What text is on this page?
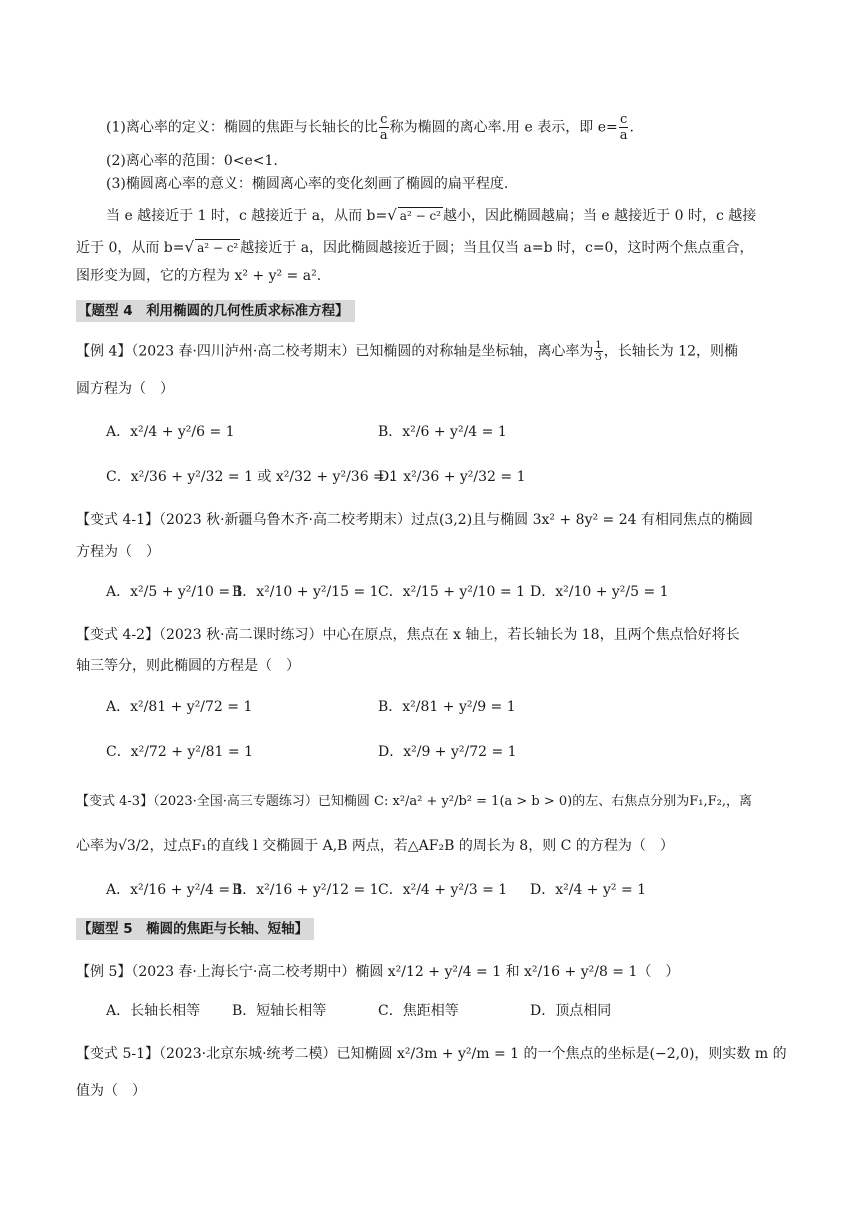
(1)离心率的定义：椭圆的焦距与长轴长的比 $\frac{c}{a}$ 称为椭圆的离心率.用 e 表示，即 $e= \frac{c}{a}$ .
(2)离心率的范围：0<e<1.
(3)椭圆离心率的意义：椭圆离心率的变化刻画了椭圆的扁平程度.
当 e 越接近于 1 时，c 越接近于 a，从而 b=√ a² − c² 越小，因此椭圆越扁；当 e 越接近于 0 时，c 越接
近于 0，从而 b=√ a² − c² 越接近于 a，因此椭圆越接近于圆；当且仅当 a=b 时，c=0，这时两个焦点重合，
图形变为圆，它的方程为 x² + y² = a².
【题型 4　利用椭圆的几何性质求标准方程】
【例 4】（2023 春·四川泸州·高二校考期末）已知椭圆的对称轴是坐标轴，离心率为 $\frac{1}{3}$ ，长轴长为 12，则椭
圆方程为（　）
A．x²/4 + y²/6 = 1	B．x²/6 + y²/4 = 1
C．x²/36 + y²/32 = 1 或 x²/32 + y²/36 = 1
D．x²/36 + y²/32 = 1
【变式 4-1】（2023 秋·新疆乌鲁木齐·高二校考期末）过点(3,2)且与椭圆 3x² + 8y² = 24 有相同焦点的椭圆
方程为（　）
A．x²/5 + y²/10 = 1
B．x²/10 + y²/15 = 1 C．x²/15 + y²/10 = 1 D．x²/10 + y²/5 = 1
【变式 4-2】（2023 秋·高二课时练习）中心在原点，焦点在 x 轴上，若长轴长为 18，且两个焦点恰好将长
轴三等分，则此椭圆的方程是（　）
A．x²/81 + y²/72 = 1	B．x²/81 + y²/9 = 1
C．x²/72 + y²/81 = 1	D．x²/9 + y²/72 = 1
【变式 4-3】（2023·全国·高三专题练习）已知椭圆 C: x²/a² + y²/b² = 1(a > b > 0)的左、右焦点分别为F₁,F₂,，离
心率为√3/2，过点F₁的直线 l 交椭圆于 A,B 两点，若△AF₂B 的周长为 8，则 C 的方程为（　）
A．x²/16 + y²/4 = 1
B．x²/16 + y²/12 = 1 C．x²/4 + y²/3 = 1 D．x²/4 + y² = 1
【题型 5　椭圆的焦距与长轴、短轴】
【例 5】（2023 春·上海长宁·高二校考期中）椭圆 x²/12 + y²/4 = 1 和 x²/16 + y²/8 = 1（　）
A．长轴长相等 B．短轴长相等	C．焦距相等	D．顶点相同
【变式 5-1】（2023·北京东城·统考二模）已知椭圆 x²/3m + y²/m = 1 的一个焦点的坐标是(−2,0)，则实数 m 的
值为（　）
